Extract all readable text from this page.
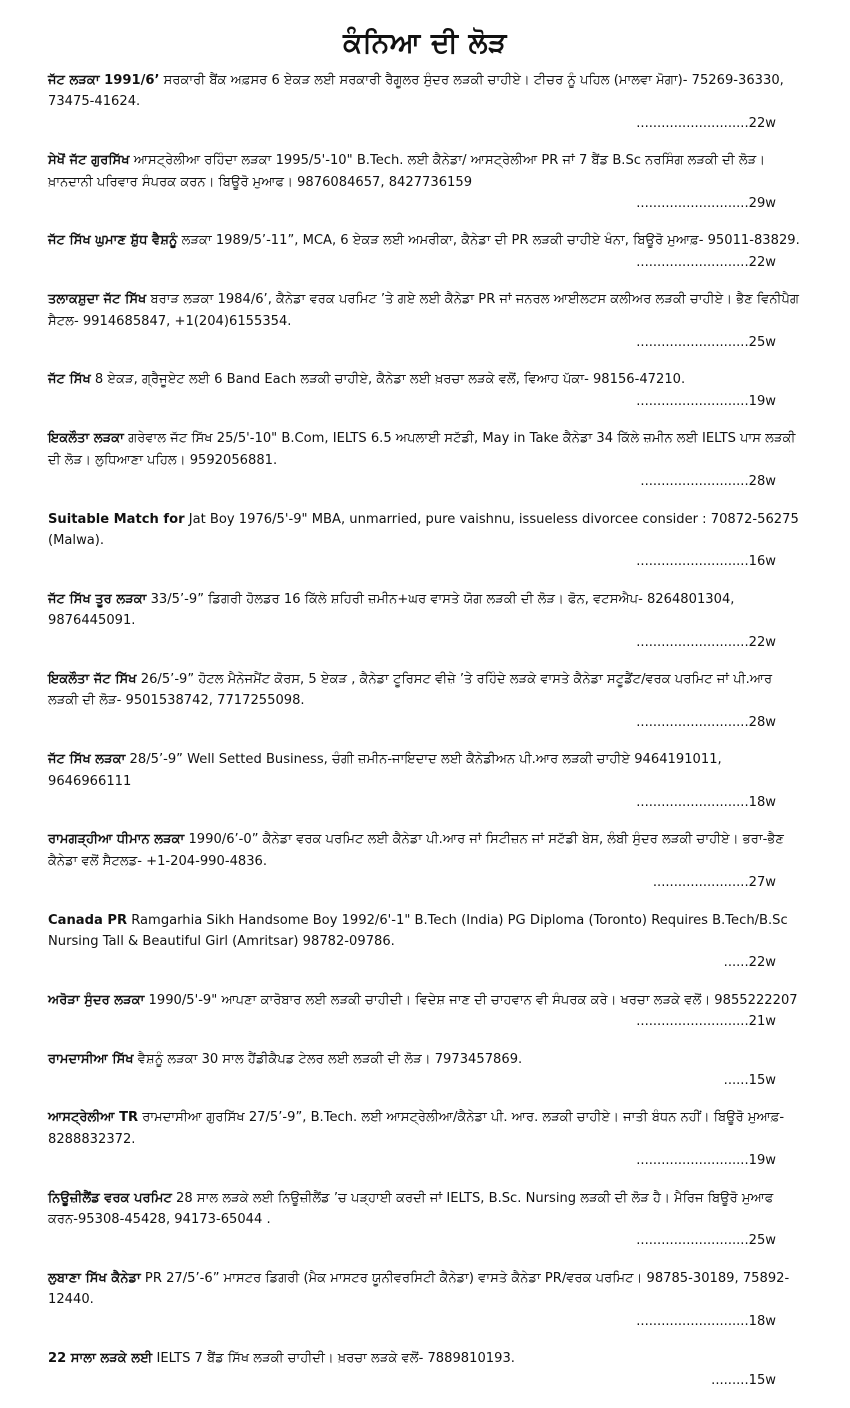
ਕੰਨਿਆ ਦੀ ਲੋੜ
ਜੱਟ ਲੜਕਾ 1991/6’ ਸਰਕਾਰੀ ਬੈਂਕ ਅਫ਼ਸਰ 6 ਏਕੜ ਲਈ ਸਰਕਾਰੀ ਰੈਗੂਲਰ ਸੁੰਦਰ ਲੜਕੀ ਚਾਹੀਏ। ਟੀਚਰ ਨੂੰ ਪਹਿਲ (ਮਾਲਵਾ ਮੋਗਾ)- 75269-36330, 73475-41624.
...........................22w
ਸੇਖੋਂ ਜੱਟ ਗੁਰਸਿੱਖ ਆਸਟ੍ਰੇਲੀਆ ਰਹਿੰਦਾ ਲੜਕਾ 1995/5'-10" B.Tech. ਲਈ ਕੈਨੇਡਾ/ ਆਸਟ੍ਰੇਲੀਆ PR ਜਾਂ 7 ਬੈਂਡ B.Sc ਨਰਸਿੰਗ ਲੜਕੀ ਦੀ ਲੋੜ। ਖ਼ਾਨਦਾਨੀ ਪਰਿਵਾਰ ਸੰਪਰਕ ਕਰਨ। ਬਿਊਰੋ ਮੁਆਫ। 9876084657, 8427736159
...........................29w
ਜੱਟ ਸਿੱਖ ਘੁਮਾਣ ਸ਼ੁੱਧ ਵੈਸ਼ਨੂੰ ਲੜਕਾ 1989/5’-11”, MCA, 6 ਏਕੜ ਲਈ ਅਮਰੀਕਾ, ਕੈਨੇਡਾ ਦੀ PR ਲੜਕੀ ਚਾਹੀਏ ਖੰਨਾ, ਬਿਊਰੋ ਮੁਆਫ਼- 95011-83829.
...........................22w
ਤਲਾਕਸ਼ੁਦਾ ਜੱਟ ਸਿੱਖ ਬਰਾੜ ਲੜਕਾ 1984/6’, ਕੈਨੇਡਾ ਵਰਕ ਪਰਮਿਟ ’ਤੇ ਗਏ ਲਈ ਕੈਨੇਡਾ PR ਜਾਂ ਜਨਰਲ ਆਈਲਟਸ ਕਲੀਅਰ ਲੜਕੀ ਚਾਹੀਏ। ਭੈਣ ਵਿਨੀਪੈਗ ਸੈਟਲ- 9914685847, +1(204)6155354.
...........................25w
ਜੱਟ ਸਿੱਖ 8 ਏਕੜ, ਗ੍ਰੈਜੂਏਟ ਲਈ 6 Band Each ਲੜਕੀ ਚਾਹੀਏ, ਕੈਨੇਡਾ ਲਈ ਖ਼ਰਚਾ ਲੜਕੇ ਵਲੋਂ, ਵਿਆਹ ਪੱਕਾ- 98156-47210.
...........................19w
ਇਕਲੌਤਾ ਲੜਕਾ ਗਰੇਵਾਲ ਜੱਟ ਸਿੱਖ 25/5'-10" B.Com, IELTS 6.5 ਅਪਲਾਈ ਸਟੱਡੀ, May in Take ਕੈਨੇਡਾ 34 ਕਿੱਲੇ ਜ਼ਮੀਨ ਲਈ IELTS ਪਾਸ ਲੜਕੀ ਦੀ ਲੋੜ। ਲੁਧਿਆਣਾ ਪਹਿਲ। 9592056881.
..........................28w
Suitable Match for Jat Boy 1976/5'-9" MBA, unmarried, pure vaishnu, issueless divorcee consider : 70872-56275 (Malwa).
...........................16w
ਜੱਟ ਸਿੱਖ ਤੂਰ ਲੜਕਾ 33/5’-9” ਡਿਗਰੀ ਹੋਲਡਰ 16 ਕਿੱਲੇ ਸ਼ਹਿਰੀ ਜ਼ਮੀਨ+ਘਰ ਵਾਸਤੇ ਯੋਗ ਲੜਕੀ ਦੀ ਲੋੜ। ਫੋਨ, ਵਟਸਐਪ- 8264801304, 9876445091.
...........................22w
ਇਕਲੌਤਾ ਜੱਟ ਸਿੱਖ 26/5’-9” ਹੋਟਲ ਮੈਨੇਜਮੈਂਟ ਕੋਰਸ, 5 ਏਕੜ , ਕੈਨੇਡਾ ਟੂਰਿਸਟ ਵੀਜ਼ੇ ’ਤੇ ਰਹਿੰਦੇ ਲੜਕੇ ਵਾਸਤੇ ਕੈਨੇਡਾ ਸਟੂਡੈਂਟ/ਵਰਕ ਪਰਮਿਟ ਜਾਂ ਪੀ.ਆਰ ਲੜਕੀ ਦੀ ਲੋੜ- 9501538742, 7717255098.
...........................28w
ਜੱਟ ਸਿੱਖ ਲੜਕਾ 28/5’-9” Well Setted Business, ਚੰਗੀ ਜ਼ਮੀਨ-ਜਾਇਦਾਦ ਲਈ ਕੈਨੇਡੀਅਨ ਪੀ.ਆਰ ਲੜਕੀ ਚਾਹੀਏ 9464191011, 9646966111
...........................18w
ਰਾਮਗੜ੍ਹੀਆ ਧੀਮਾਨ ਲੜਕਾ 1990/6’-0” ਕੈਨੇਡਾ ਵਰਕ ਪਰਮਿਟ ਲਈ ਕੈਨੇਡਾ ਪੀ.ਆਰ ਜਾਂ ਸਿਟੀਜ਼ਨ ਜਾਂ ਸਟੱਡੀ ਬੇਸ, ਲੰਬੀ ਸੁੰਦਰ ਲੜਕੀ ਚਾਹੀਏ। ਭਰਾ-ਭੈਣ ਕੈਨੇਡਾ ਵਲੋਂ ਸੈਟਲਡ- +1-204-990-4836.
.......................27w
Canada PR Ramgarhia Sikh Handsome Boy 1992/6'-1" B.Tech (India) PG Diploma (Toronto) Requires B.Tech/B.Sc Nursing Tall & Beautiful Girl (Amritsar) 98782-09786.
......22w
ਅਰੋੜਾ ਸੁੰਦਰ ਲੜਕਾ 1990/5'-9" ਆਪਣਾ ਕਾਰੋਬਾਰ ਲਈ ਲੜਕੀ ਚਾਹੀਦੀ। ਵਿਦੇਸ਼ ਜਾਣ ਦੀ ਚਾਹਵਾਨ ਵੀ ਸੰਪਰਕ ਕਰੇ। ਖਰਚਾ ਲੜਕੇ ਵਲੋਂ। 9855222207
...........................21w
ਰਾਮਦਾਸੀਆ ਸਿੱਖ ਵੈਸ਼ਨੂੰ ਲੜਕਾ 30 ਸਾਲ ਹੈਂਡੀਕੈਪਡ ਟੇਲਰ ਲਈ ਲੜਕੀ ਦੀ ਲੋੜ। 7973457869.
......15w
ਆਸਟ੍ਰੇਲੀਆ TR ਰਾਮਦਾਸੀਆ ਗੁਰਸਿੱਖ 27/5’-9”, B.Tech. ਲਈ ਆਸਟ੍ਰੇਲੀਆ/ਕੈਨੇਡਾ ਪੀ. ਆਰ. ਲੜਕੀ ਚਾਹੀਏ। ਜਾਤੀ ਬੰਧਨ ਨਹੀਂ। ਬਿਊਰੋ ਮੁਆਫ਼- 8288832372.
...........................19w
ਨਿਊਜ਼ੀਲੈਂਡ ਵਰਕ ਪਰਮਿਟ 28 ਸਾਲ ਲੜਕੇ ਲਈ ਨਿਊਜ਼ੀਲੈਂਡ ’ਚ ਪੜ੍ਹਾਈ ਕਰਦੀ ਜਾਂ IELTS, B.Sc. Nursing ਲੜਕੀ ਦੀ ਲੋੜ ਹੈ। ਮੈਰਿਜ ਬਿਊਰੋ ਮੁਆਫ ਕਰਨ-95308-45428, 94173-65044 .
...........................25w
ਲੁਬਾਣਾ ਸਿੱਖ ਕੈਨੇਡਾ PR 27/5’-6” ਮਾਸਟਰ ਡਿਗਰੀ (ਮੈਕ ਮਾਸਟਰ ਯੂਨੀਵਰਸਿਟੀ ਕੈਨੇਡਾ) ਵਾਸਤੇ ਕੈਨੇਡਾ PR/ਵਰਕ ਪਰਮਿਟ। 98785-30189, 75892-12440.
...........................18w
22 ਸਾਲਾ ਲੜਕੇ ਲਈ IELTS 7 ਬੈਂਡ ਸਿੱਖ ਲੜਕੀ ਚਾਹੀਦੀ। ਖ਼ਰਚਾ ਲੜਕੇ ਵਲੋਂ- 7889810193.
.........15w
